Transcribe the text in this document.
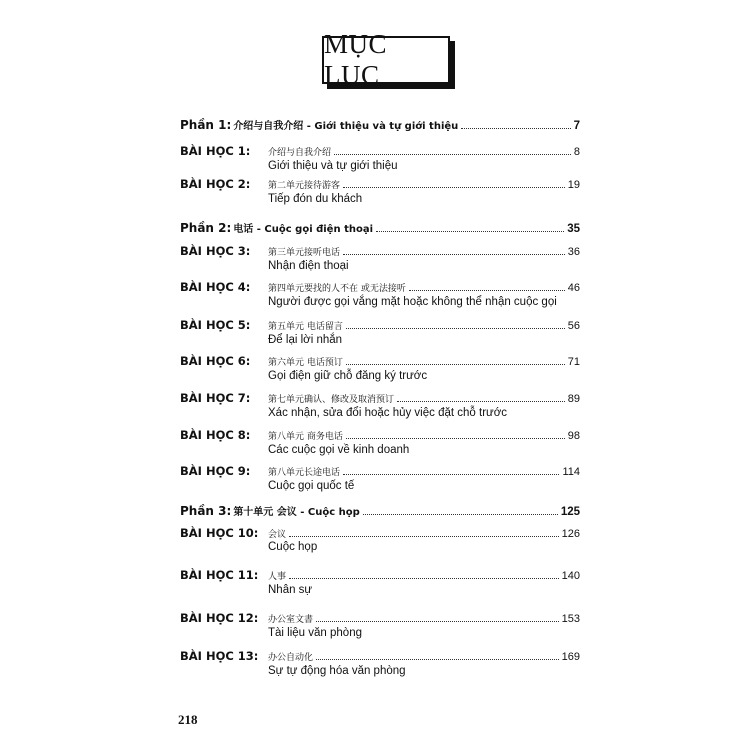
MỤC LỤC
Phần 1: 介绍与自我介绍 - Giới thiệu và tự giới thiệu	7
BÀI HỌC 1:	介绍与自我介绍	8
Giới thiệu và tự giới thiệu
BÀI HỌC 2:	第二单元接待游客	19
Tiếp đón du khách
Phần 2: 电话 - Cuộc gọi điện thoại	35
BÀI HỌC 3:	第三单元接听电话	36
Nhận điện thoại
BÀI HỌC 4:	第四单元要找的人不在 或无法接听	46
Người được gọi vắng mặt hoặc không thể nhận cuộc gọi
BÀI HỌC 5:	第五单元 电话留言	56
Để lại lời nhắn
BÀI HỌC 6:	第六单元 电话预订	71
Gọi điện giữ chỗ đăng ký trước
BÀI HỌC 7:	第七单元确认、修改及取消预订	89
Xác nhận, sửa đổi hoặc hủy việc đặt chỗ trước
BÀI HỌC 8:	第八单元 商务电话	98
Các cuộc gọi về kinh doanh
BÀI HỌC 9:	第八单元长途电话	114
Cuộc gọi quốc tế
Phần 3: 第十单元 会议 - Cuộc họp	125
BÀI HỌC 10:	会议	126
Cuộc họp
BÀI HỌC 11:	人事	140
Nhân sự
BÀI HỌC 12:	办公室文書	153
Tài liệu văn phòng
BÀI HỌC 13:	办公自动化	169
Sự tự động hóa văn phòng
218
